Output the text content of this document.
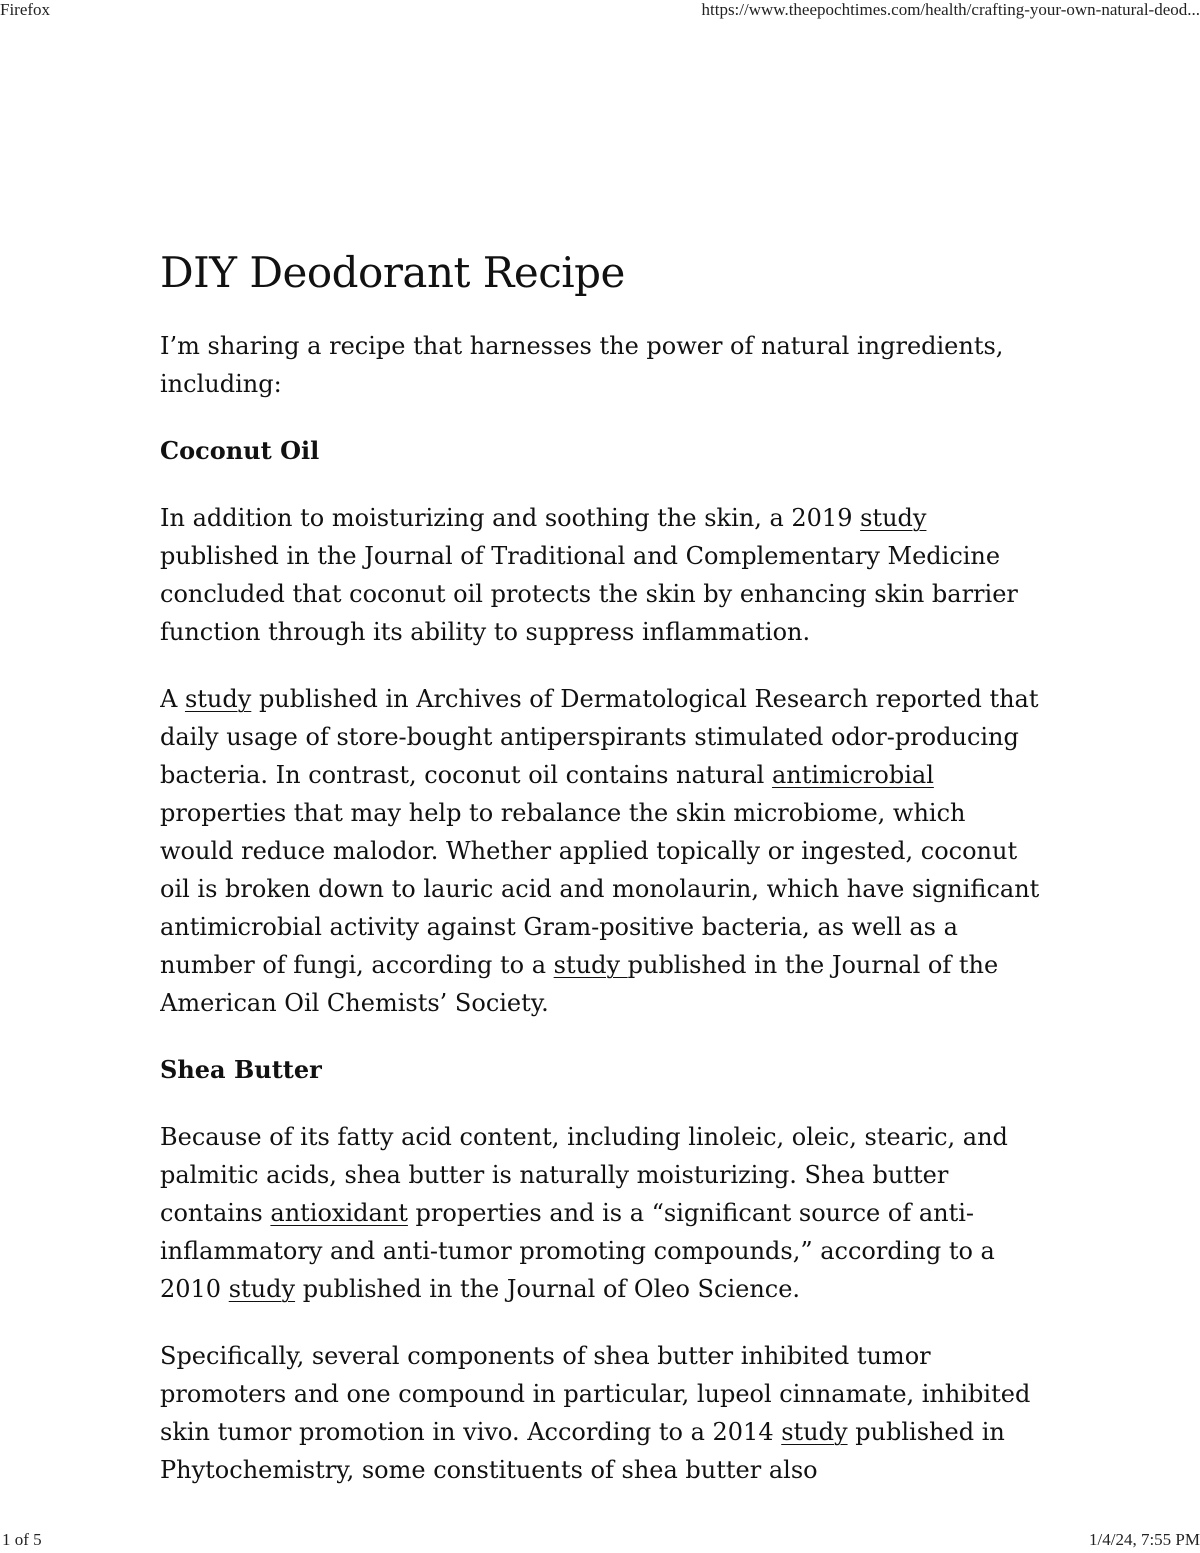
Firefox	https://www.theepochtimes.com/health/crafting-your-own-natural-deod...
DIY Deodorant Recipe

I’m sharing a recipe that harnesses the power of natural ingredients, including:

Coconut Oil

In addition to moisturizing and soothing the skin, a 2019 study published in the Journal of Traditional and Complementary Medicine concluded that coconut oil protects the skin by enhancing skin barrier function through its ability to suppress inflammation.

A study published in Archives of Dermatological Research reported that daily usage of store-bought antiperspirants stimulated odor-producing bacteria. In contrast, coconut oil contains natural antimicrobial properties that may help to rebalance the skin microbiome, which would reduce malodor. Whether applied topically or ingested, coconut oil is broken down to lauric acid and monolaurin, which have significant antimicrobial activity against Gram-positive bacteria, as well as a number of fungi, according to a study published in the Journal of the American Oil Chemists’ Society.

Shea Butter

Because of its fatty acid content, including linoleic, oleic, stearic, and palmitic acids, shea butter is naturally moisturizing. Shea butter contains antioxidant properties and is a “significant source of anti-inflammatory and anti-tumor promoting compounds,” according to a 2010 study published in the Journal of Oleo Science.

Specifically, several components of shea butter inhibited tumor promoters and one compound in particular, lupeol cinnamate, inhibited skin tumor promotion in vivo. According to a 2014 study published in Phytochemistry, some constituents of shea butter also

1 of 5	1/4/24, 7:55 PM
